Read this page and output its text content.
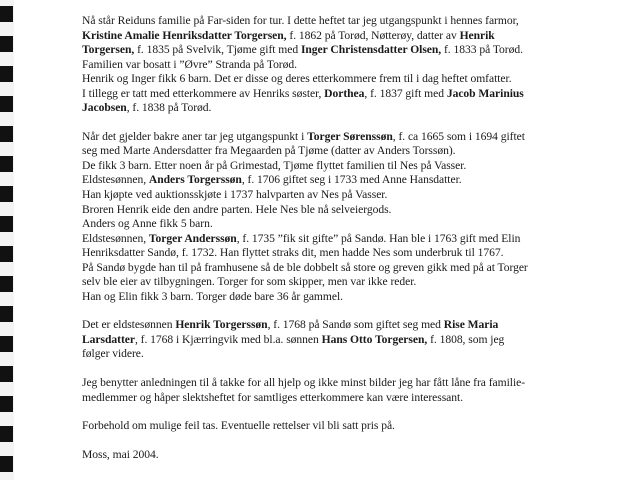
Nå står Reiduns familie på Far-siden for tur. I dette heftet tar jeg utgangspunkt i hennes farmor,

Kristine Amalie Henriksdatter Torgersen, f. 1862 på Torød, Nøtterøy, datter av Henrik

Torgersen, f. 1835 på Svelvik, Tjøme gift med Inger Christensdatter Olsen, f. 1833 på Torød.

Familien var bosatt i ”Øvre” Stranda på Torød.

Henrik og Inger fikk 6 barn. Det er disse og deres etterkommere frem til i dag heftet omfatter.

I tillegg er tatt med etterkommere av Henriks søster, Dorthea, f. 1837 gift med Jacob Marinius

Jacobsen, f. 1838 på Torød.

Når det gjelder bakre aner tar jeg utgangspunkt i Torger Sørenssøn, f. ca 1665 som i 1694 giftet

seg med Marte Andersdatter fra Megaarden på Tjøme (datter av Anders Torssøn).

De fikk 3 barn. Etter noen år på Grimestad, Tjøme flyttet familien til Nes på Vasser.

Eldstesønnen, Anders Torgerssøn, f. 1706 giftet seg i 1733 med Anne Hansdatter.

Han kjøpte ved auktionsskjøte i 1737 halvparten av Nes på Vasser.

Broren Henrik eide den andre parten. Hele Nes ble nå selveiergods.

Anders og Anne fikk 5 barn.

Eldstesønnen, Torger Anderssøn, f. 1735 ”fik sit gifte” på Sandø. Han ble i 1763 gift med Elin

Henriksdatter Sandø, f. 1732. Han flyttet straks dit, men hadde Nes som underbruk til 1767.

På Sandø bygde han til på framhusene så de ble dobbelt så store og greven gikk med på at Torger

selv ble eier av tilbygningen. Torger for som skipper, men var ikke reder.

Han og Elin fikk 3 barn. Torger døde bare 36 år gammel.

Det er eldstesønnen Henrik Torgerssøn, f. 1768 på Sandø som giftet seg med Rise Maria

Larsdatter, f. 1768 i Kjærringvik med bl.a. sønnen Hans Otto Torgersen, f. 1808, som jeg

følger videre.

Jeg benytter anledningen til å takke for all hjelp og ikke minst bilder jeg har fått låne fra familie-

medlemmer og håper slektsheftet for samtliges etterkommere kan være interessant.

Forbehold om mulige feil tas. Eventuelle rettelser vil bli satt pris på.

Moss, mai 2004.
